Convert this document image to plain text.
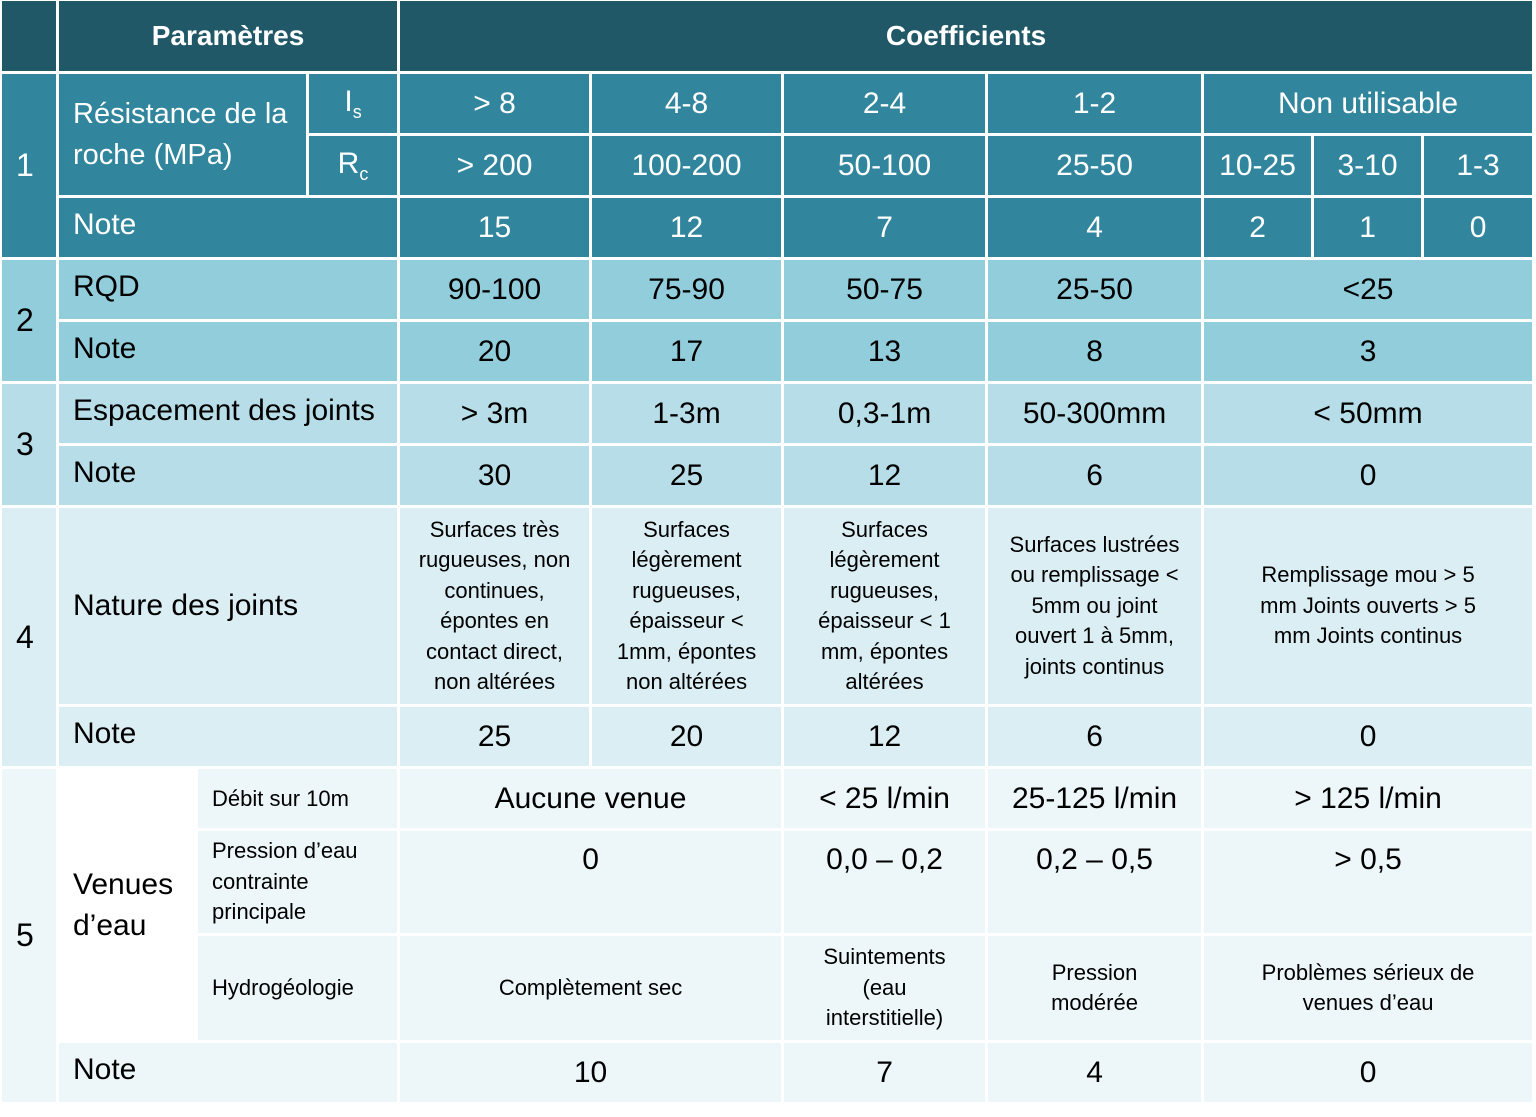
	Paramètres			Coefficients						
1	Résistance de la roche (MPa)		$I_s$	> 8	4-8	2-4	1-2	Non utilisable		
			$R_c$	> 200	100-200	50-100	25-50	10-25	3-10	1-3
	Note			15	12	7	4	2	1	0
2	RQD			90-100	75-90	50-75	25-50	<25		
	Note			20	17	13	8	3		
3	Espacement des joints			> 3m	1-3m	0,3-1m	50-300mm	< 50mm		
	Note			30	25	12	6	0		
4	Nature des joints			Surfaces très rugueuses, non continues, épontes en contact direct, non altérées	Surfaces légèrement rugueuses, épaisseur < 1mm, épontes non altérées	Surfaces légèrement rugueuses, épaisseur < 1 mm, épontes altérées	Surfaces lustrées ou remplissage < 5mm ou joint ouvert 1 à 5mm, joints continus	Remplissage mou > 5 mm Joints ouverts > 5 mm Joints continus		
	Note			25	20	12	6	0		
5	Venues d’eau	Débit sur 10m		Aucune venue		< 25 l/min	25-125 l/min	> 125 l/min		
		Pression d’eau contrainte principale		0		0,0 – 0,2	0,2 – 0,5	> 0,5		
		Hydrogéologie		Complètement sec		Suintements (eau interstitielle)	Pression modérée	Problèmes sérieux de venues d’eau		
	Note			10		7	4	0		
